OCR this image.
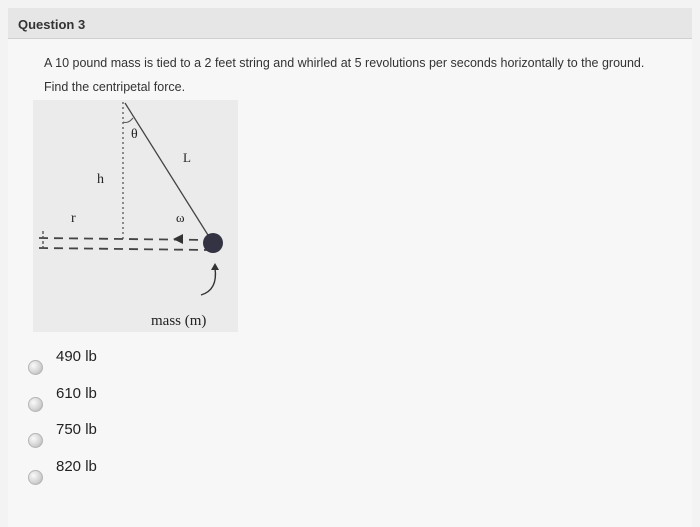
Question 3
A 10 pound mass is tied to a 2 feet string and whirled at 5 revolutions per seconds horizontally to the ground.
Find the centripetal force.
θ
L
h
r	ω
mass (m)
490 lb
610 lb
750 lb
820 lb
